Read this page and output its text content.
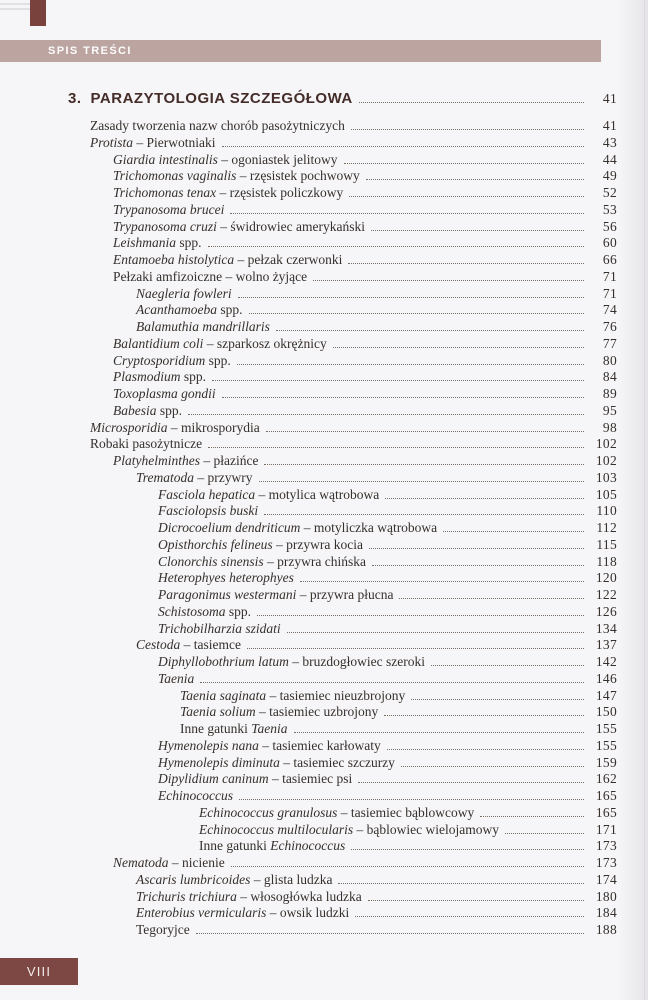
SPIS TREŚCI
3. PARAZYTOLOGIA SZCZEGÓŁOWA	41
Zasady tworzenia nazw chorób pasożytniczych	41
Protista – Pierwotniaki	43
Giardia intestinalis – ogoniastek jelitowy	44
Trichomonas vaginalis – rzęsistek pochwowy	49
Trichomonas tenax – rzęsistek policzkowy	52
Trypanosoma brucei	53
Trypanosoma cruzi – świdrowiec amerykański	56
Leishmania spp.	60
Entamoeba histolytica – pełzak czerwonki	66
Pełzaki amfizoiczne – wolno żyjące	71
Naegleria fowleri	71
Acanthamoeba spp.	74
Balamuthia mandrillaris	76
Balantidium coli – szparkosz okrężnicy	77
Cryptosporidium spp.	80
Plasmodium spp.	84
Toxoplasma gondii	89
Babesia spp.	95
Microsporidia – mikrosporydia	98
Robaki pasożytnicze	102
Platyhelminthes – płazińce	102
Trematoda – przywry	103
Fasciola hepatica – motylica wątrobowa	105
Fasciolopsis buski	110
Dicrocoelium dendriticum – motyliczka wątrobowa	112
Opisthorchis felineus – przywra kocia	115
Clonorchis sinensis – przywra chińska	118
Heterophyes heterophyes	120
Paragonimus westermani – przywra płucna	122
Schistosoma spp.	126
Trichobilharzia szidati	134
Cestoda – tasiemce	137
Diphyllobothrium latum – bruzdogłowiec szeroki	142
Taenia	146
Taenia saginata – tasiemiec nieuzbrojony	147
Taenia solium – tasiemiec uzbrojony	150
Inne gatunki Taenia	155
Hymenolepis nana – tasiemiec karłowaty	155
Hymenolepis diminuta – tasiemiec szczurzy	159
Dipylidium caninum – tasiemiec psi	162
Echinococcus	165
Echinococcus granulosus – tasiemiec bąblowcowy	165
Echinococcus multilocularis – bąblowiec wielojamowy	171
Inne gatunki Echinococcus	173
Nematoda – nicienie	173
Ascaris lumbricoides – glista ludzka	174
Trichuris trichiura – włosogłówka ludzka	180
Enterobius vermicularis – owsik ludzki	184
Tegoryjce	188
VIII
